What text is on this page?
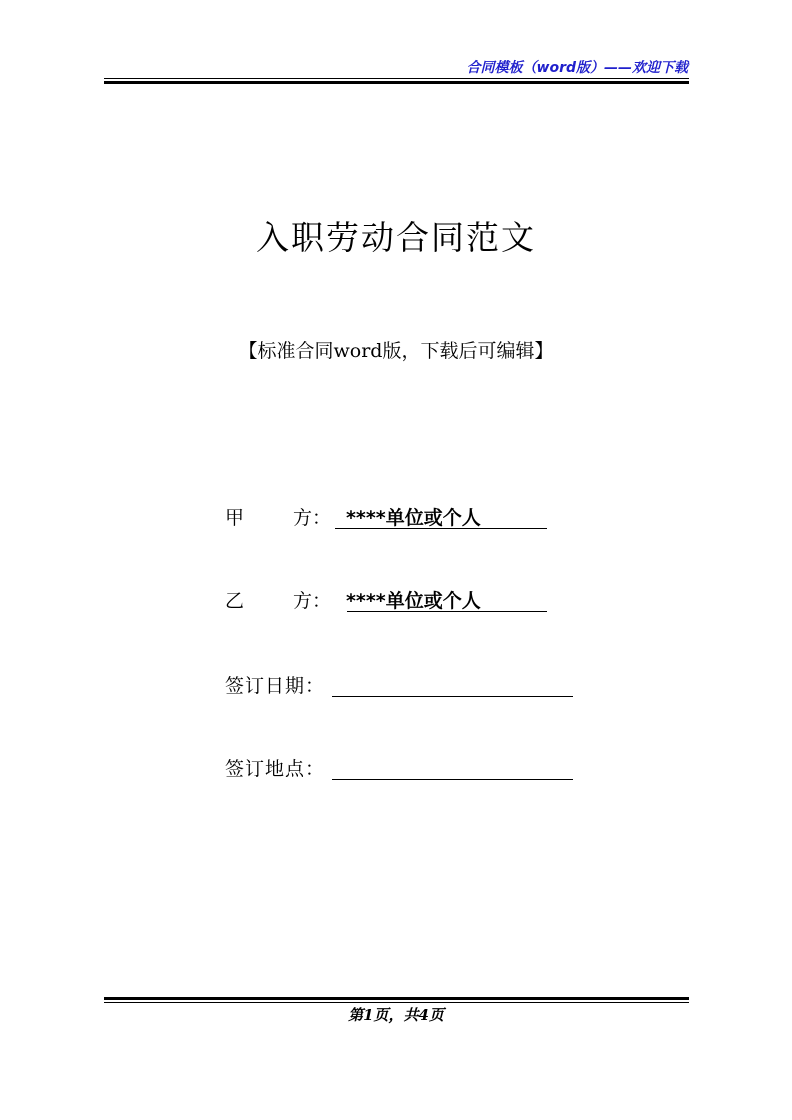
合同模板（word版）——欢迎下载
入职劳动合同范文
【标准合同word版，下载后可编辑】
甲	方： ****单位或个人
乙	方： ****单位或个人
签订日期：
签订地点：
第1页，共4页
